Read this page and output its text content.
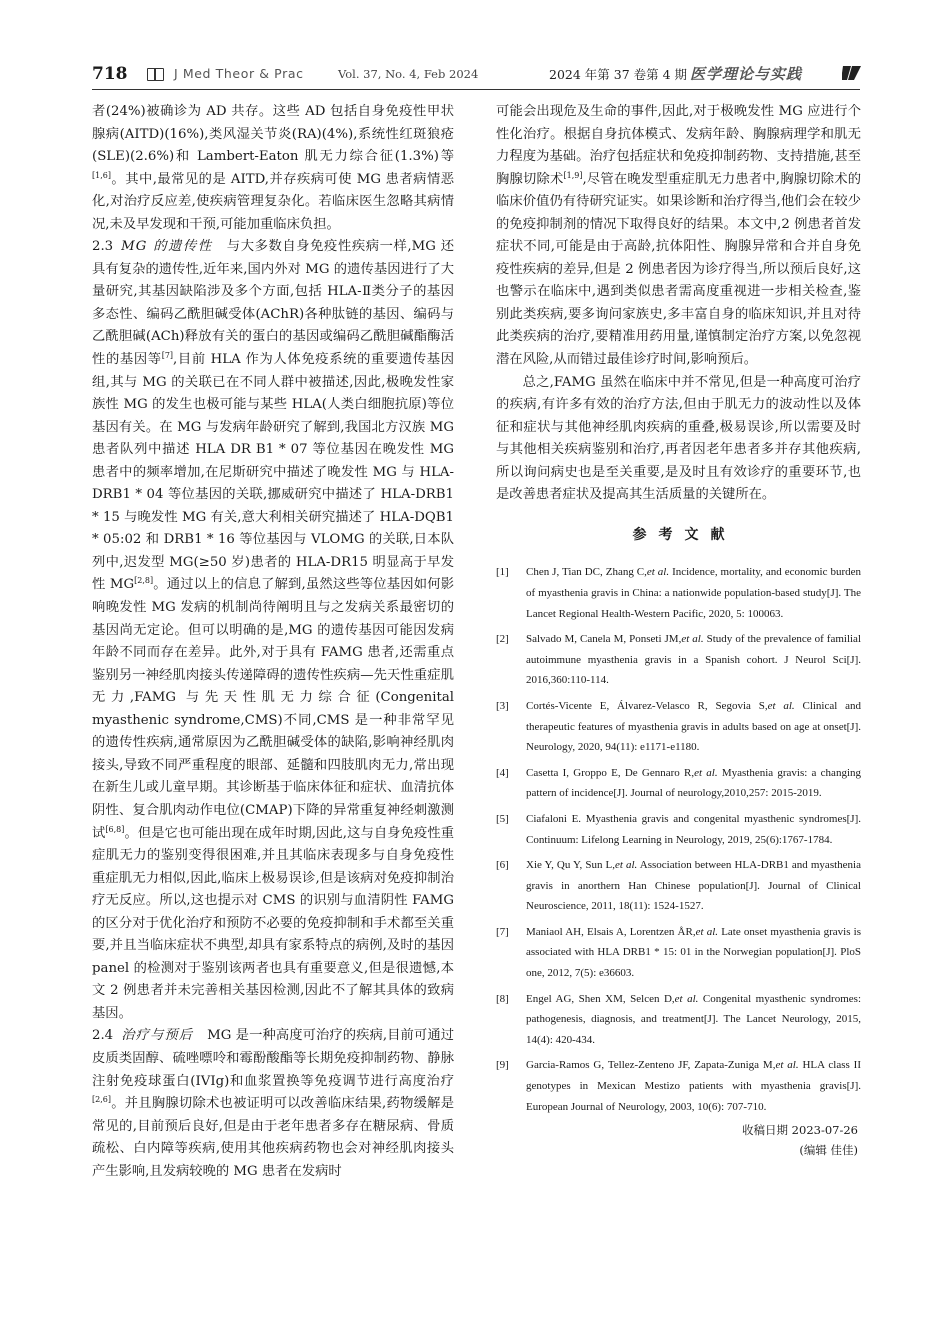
718	J Med Theor & Prac	Vol. 37, No. 4, Feb 2024	2024 年第 37 卷第 4 期 医学理论与实践

者(24%)被确诊为 AD 共存。这些 AD 包括自身免疫性甲状腺病(AITD)(16%),类风湿关节炎(RA)(4%),系统性红斑狼疮(SLE)(2.6%)和 Lambert-Eaton 肌无力综合征(1.3%)等[1,6]。其中,最常见的是 AITD,并存疾病可使 MG 患者病情恶化,对治疗反应差,使疾病管理复杂化。若临床医生忽略其病情况,未及早发现和干预,可能加重临床负担。

2.3 MG 的遗传性 与大多数自身免疫性疾病一样,MG 还具有复杂的遗传性,近年来,国内外对 MG 的遗传基因进行了大量研究,其基因缺陷涉及多个方面,包括 HLA-Ⅱ类分子的基因多态性、编码乙酰胆碱受体(AChR)各种肽链的基因、编码与乙酰胆碱(ACh)释放有关的蛋白的基因或编码乙酰胆碱酯酶活性的基因等[7],目前 HLA 作为人体免疫系统的重要遗传基因组,其与 MG 的关联已在不同人群中被描述,因此,极晚发性家族性 MG 的发生也极可能与某些 HLA(人类白细胞抗原)等位基因有关。在 MG 与发病年龄研究了解到,我国北方汉族 MG 患者队列中描述 HLA DR B1 * 07 等位基因在晚发性 MG 患者中的频率增加,在尼斯研究中描述了晚发性 MG 与 HLA-DRB1 * 04 等位基因的关联,挪威研究中描述了 HLA-DRB1 * 15 与晚发性 MG 有关,意大利相关研究描述了 HLA-DQB1 * 05:02 和 DRB1 * 16 等位基因与 VLOMG 的关联,日本队列中,迟发型 MG(≥50 岁)患者的 HLA-DR15 明显高于早发性 MG[2,8]。通过以上的信息了解到,虽然这些等位基因如何影响晚发性 MG 发病的机制尚待阐明且与之发病关系最密切的基因尚无定论。但可以明确的是,MG 的遗传基因可能因发病年龄不同而存在差异。此外,对于具有 FAMG 患者,还需重点鉴别另一神经肌肉接头传递障碍的遗传性疾病—先天性重症肌无力,FAMG 与先天性肌无力综合征(Congenital myasthenic syndrome,CMS)不同,CMS 是一种非常罕见的遗传性疾病,通常原因为乙酰胆碱受体的缺陷,影响神经肌肉接头,导致不同严重程度的眼部、延髓和四肢肌肉无力,常出现在新生儿或儿童早期。其诊断基于临床体征和症状、血清抗体阴性、复合肌肉动作电位(CMAP)下降的异常重复神经刺激测试[6,8]。但是它也可能出现在成年时期,因此,这与自身免疫性重症肌无力的鉴别变得很困难,并且其临床表现多与自身免疫性重症肌无力相似,因此,临床上极易误诊,但是该病对免疫抑制治疗无反应。所以,这也提示对 CMS 的识别与血清阴性 FAMG 的区分对于优化治疗和预防不必要的免疫抑制和手术都至关重要,并且当临床症状不典型,却具有家系特点的病例,及时的基因 panel 的检测对于鉴别该两者也具有重要意义,但是很遗憾,本文 2 例患者并未完善相关基因检测,因此不了解其具体的致病基因。

2.4 治疗与预后 MG 是一种高度可治疗的疾病,目前可通过皮质类固醇、硫唑嘌呤和霉酚酸酯等长期免疫抑制药物、静脉注射免疫球蛋白(IVIg)和血浆置换等免疫调节进行高度治疗[2,6]。并且胸腺切除术也被证明可以改善临床结果,药物缓解是常见的,目前预后良好,但是由于老年患者多存在糖尿病、骨质疏松、白内障等疾病,使用其他疾病药物也会对神经肌肉接头产生影响,且发病较晚的 MG 患者在发病时

可能会出现危及生命的事件,因此,对于极晚发性 MG 应进行个性化治疗。根据自身抗体模式、发病年龄、胸腺病理学和肌无力程度为基础。治疗包括症状和免疫抑制药物、支持措施,甚至胸腺切除术[1,9],尽管在晚发型重症肌无力患者中,胸腺切除术的临床价值仍有待研究证实。如果诊断和治疗得当,他们会在较少的免疫抑制剂的情况下取得良好的结果。本文中,2 例患者首发症状不同,可能是由于高龄,抗体阳性、胸腺异常和合并自身免疫性疾病的差异,但是 2 例患者因为诊疗得当,所以预后良好,这也警示在临床中,遇到类似患者需高度重视进一步相关检查,鉴别此类疾病,要多询问家族史,多丰富自身的临床知识,并且对待此类疾病的治疗,要精准用药用量,谨慎制定治疗方案,以免忽视潜在风险,从而错过最佳诊疗时间,影响预后。

总之,FAMG 虽然在临床中并不常见,但是一种高度可治疗的疾病,有许多有效的治疗方法,但由于肌无力的波动性以及体征和症状与其他神经肌肉疾病的重叠,极易误诊,所以需要及时与其他相关疾病鉴别和治疗,再者因老年患者多并存其他疾病,所以询问病史也是至关重要,是及时且有效诊疗的重要环节,也是改善患者症状及提高其生活质量的关键所在。

参考文献
[1] Chen J, Tian DC, Zhang C,et al. Incidence, mortality, and economic burden of myasthenia gravis in China: a nationwide population-based study[J]. The Lancet Regional Health-Western Pacific, 2020, 5: 100063.
[2] Salvado M, Canela M, Ponseti JM,et al. Study of the prevalence of familial autoimmune myasthenia gravis in a Spanish cohort. J Neurol Sci[J]. 2016,360:110-114.
[3] Cortés-Vicente E, Álvarez-Velasco R, Segovia S,et al. Clinical and therapeutic features of myasthenia gravis in adults based on age at onset[J]. Neurology, 2020, 94(11): e1171-e1180.
[4] Casetta I, Groppo E, De Gennaro R,et al. Myasthenia gravis: a changing pattern of incidence[J]. Journal of neurology,2010,257: 2015-2019.
[5] Ciafaloni E. Myasthenia gravis and congenital myasthenic syndromes[J]. Continuum: Lifelong Learning in Neurology, 2019, 25(6):1767-1784.
[6] Xie Y, Qu Y, Sun L,et al. Association between HLA-DRB1 and myasthenia gravis in anorthern Han Chinese population[J]. Journal of Clinical Neuroscience, 2011, 18(11): 1524-1527.
[7] Maniaol AH, Elsais A, Lorentzen ÅR,et al. Late onset myasthenia gravis is associated with HLA DRB1 * 15: 01 in the Norwegian population[J]. PloS one, 2012, 7(5): e36603.
[8] Engel AG, Shen XM, Selcen D,et al. Congenital myasthenic syndromes: pathogenesis, diagnosis, and treatment[J]. The Lancet Neurology, 2015, 14(4): 420-434.
[9] Garcia-Ramos G, Tellez-Zenteno JF, Zapata-Zuniga M,et al. HLA class II genotypes in Mexican Mestizo patients with myasthenia gravis[J]. European Journal of Neurology, 2003, 10(6): 707-710.
收稿日期 2023-07-26
(编辑 佳佳)
